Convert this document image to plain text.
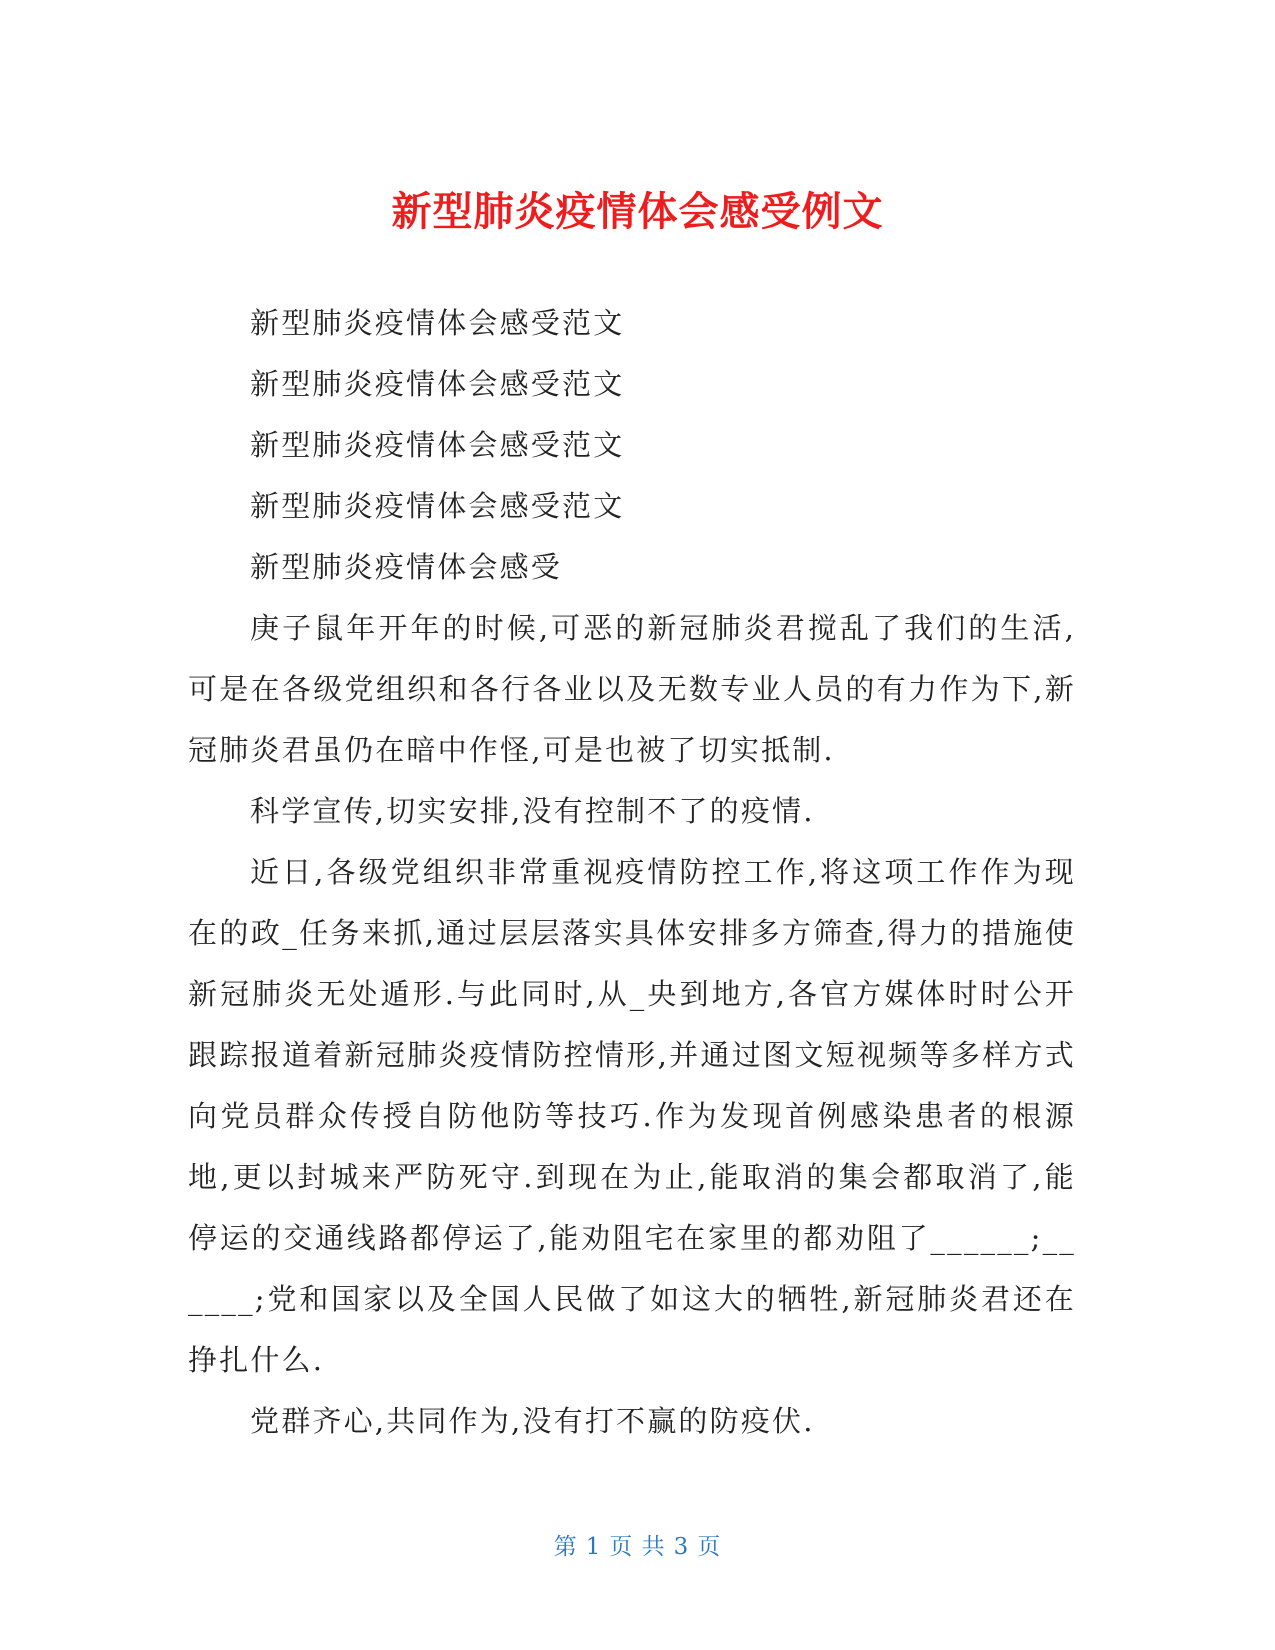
新型肺炎疫情体会感受例文

新型肺炎疫情体会感受范文

新型肺炎疫情体会感受范文

新型肺炎疫情体会感受范文

新型肺炎疫情体会感受范文

新型肺炎疫情体会感受

庚子鼠年开年的时候,可恶的新冠肺炎君搅乱了我们的生活,可是在各级党组织和各行各业以及无数专业人员的有力作为下,新冠肺炎君虽仍在暗中作怪,可是也被了切实抵制.

科学宣传,切实安排,没有控制不了的疫情.

近日,各级党组织非常重视疫情防控工作,将这项工作作为现在的政_任务来抓,通过层层落实具体安排多方筛查,得力的措施使新冠肺炎无处遁形.与此同时,从_央到地方,各官方媒体时时公开跟踪报道着新冠肺炎疫情防控情形,并通过图文短视频等多样方式向党员群众传授自防他防等技巧.作为发现首例感染患者的根源地,更以封城来严防死守.到现在为止,能取消的集会都取消了,能停运的交通线路都停运了,能劝阻宅在家里的都劝阻了______;______;党和国家以及全国人民做了如这大的牺牲,新冠肺炎君还在挣扎什么.

党群齐心,共同作为,没有打不赢的防疫伏.

第 1 页 共 3 页
